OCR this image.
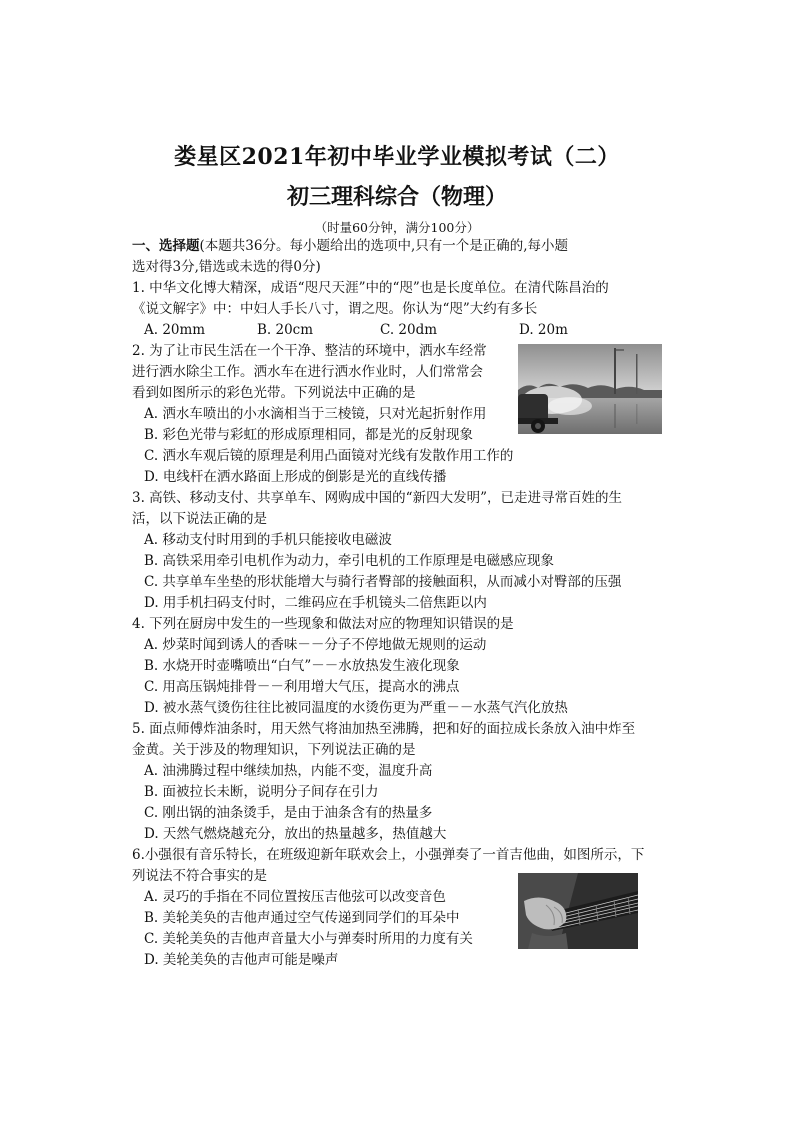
娄星区2021年初中毕业学业模拟考试（二）
初三理科综合（物理）
（时量60分钟，满分100分）
一、选择题(本题共36分。每小题给出的选项中,只有一个是正确的,每小题
选对得3分,错选或未选的得0分)
1. 中华文化博大精深，成语“咫尺天涯”中的“咫”也是长度单位。在清代陈昌治的
《说文解字》中：中妇人手长八寸，谓之咫。你认为“咫”大约有多长
A. 20mm	B. 20cm	C. 20dm	D. 20m
2. 为了让市民生活在一个干净、整洁的环境中，洒水车经常
进行洒水除尘工作。洒水车在进行洒水作业时，人们常常会
看到如图所示的彩色光带。下列说法中正确的是
A. 洒水车喷出的小水滴相当于三棱镜，只对光起折射作用
B. 彩色光带与彩虹的形成原理相同，都是光的反射现象
C. 洒水车观后镜的原理是利用凸面镜对光线有发散作用工作的
D. 电线杆在洒水路面上形成的倒影是光的直线传播
3. 高铁、移动支付、共享单车、网购成中国的“新四大发明”，已走进寻常百姓的生
活，以下说法正确的是
A. 移动支付时用到的手机只能接收电磁波
B. 高铁采用牵引电机作为动力，牵引电机的工作原理是电磁感应现象
C. 共享单车坐垫的形状能增大与骑行者臀部的接触面积，从而减小对臀部的压强
D. 用手机扫码支付时，二维码应在手机镜头二倍焦距以内
4. 下列在厨房中发生的一些现象和做法对应的物理知识错误的是
A. 炒菜时闻到诱人的香味－－分子不停地做无规则的运动
B. 水烧开时壶嘴喷出“白气”－－水放热发生液化现象
C. 用高压锅炖排骨－－利用增大气压，提高水的沸点
D. 被水蒸气烫伤往往比被同温度的水烫伤更为严重－－水蒸气汽化放热
5. 面点师傅炸油条时，用天然气将油加热至沸腾，把和好的面拉成长条放入油中炸至
金黄。关于涉及的物理知识，下列说法正确的是
A. 油沸腾过程中继续加热，内能不变，温度升高
B. 面被拉长未断，说明分子间存在引力
C. 刚出锅的油条烫手，是由于油条含有的热量多
D. 天然气燃烧越充分，放出的热量越多，热值越大
6.小强很有音乐特长，在班级迎新年联欢会上，小强弹奏了一首吉他曲，如图所示，下
列说法不符合事实的是
A. 灵巧的手指在不同位置按压吉他弦可以改变音色
B. 美轮美奂的吉他声通过空气传递到同学们的耳朵中
C. 美轮美奂的吉他声音量大小与弹奏时所用的力度有关
D. 美轮美奂的吉他声可能是噪声
